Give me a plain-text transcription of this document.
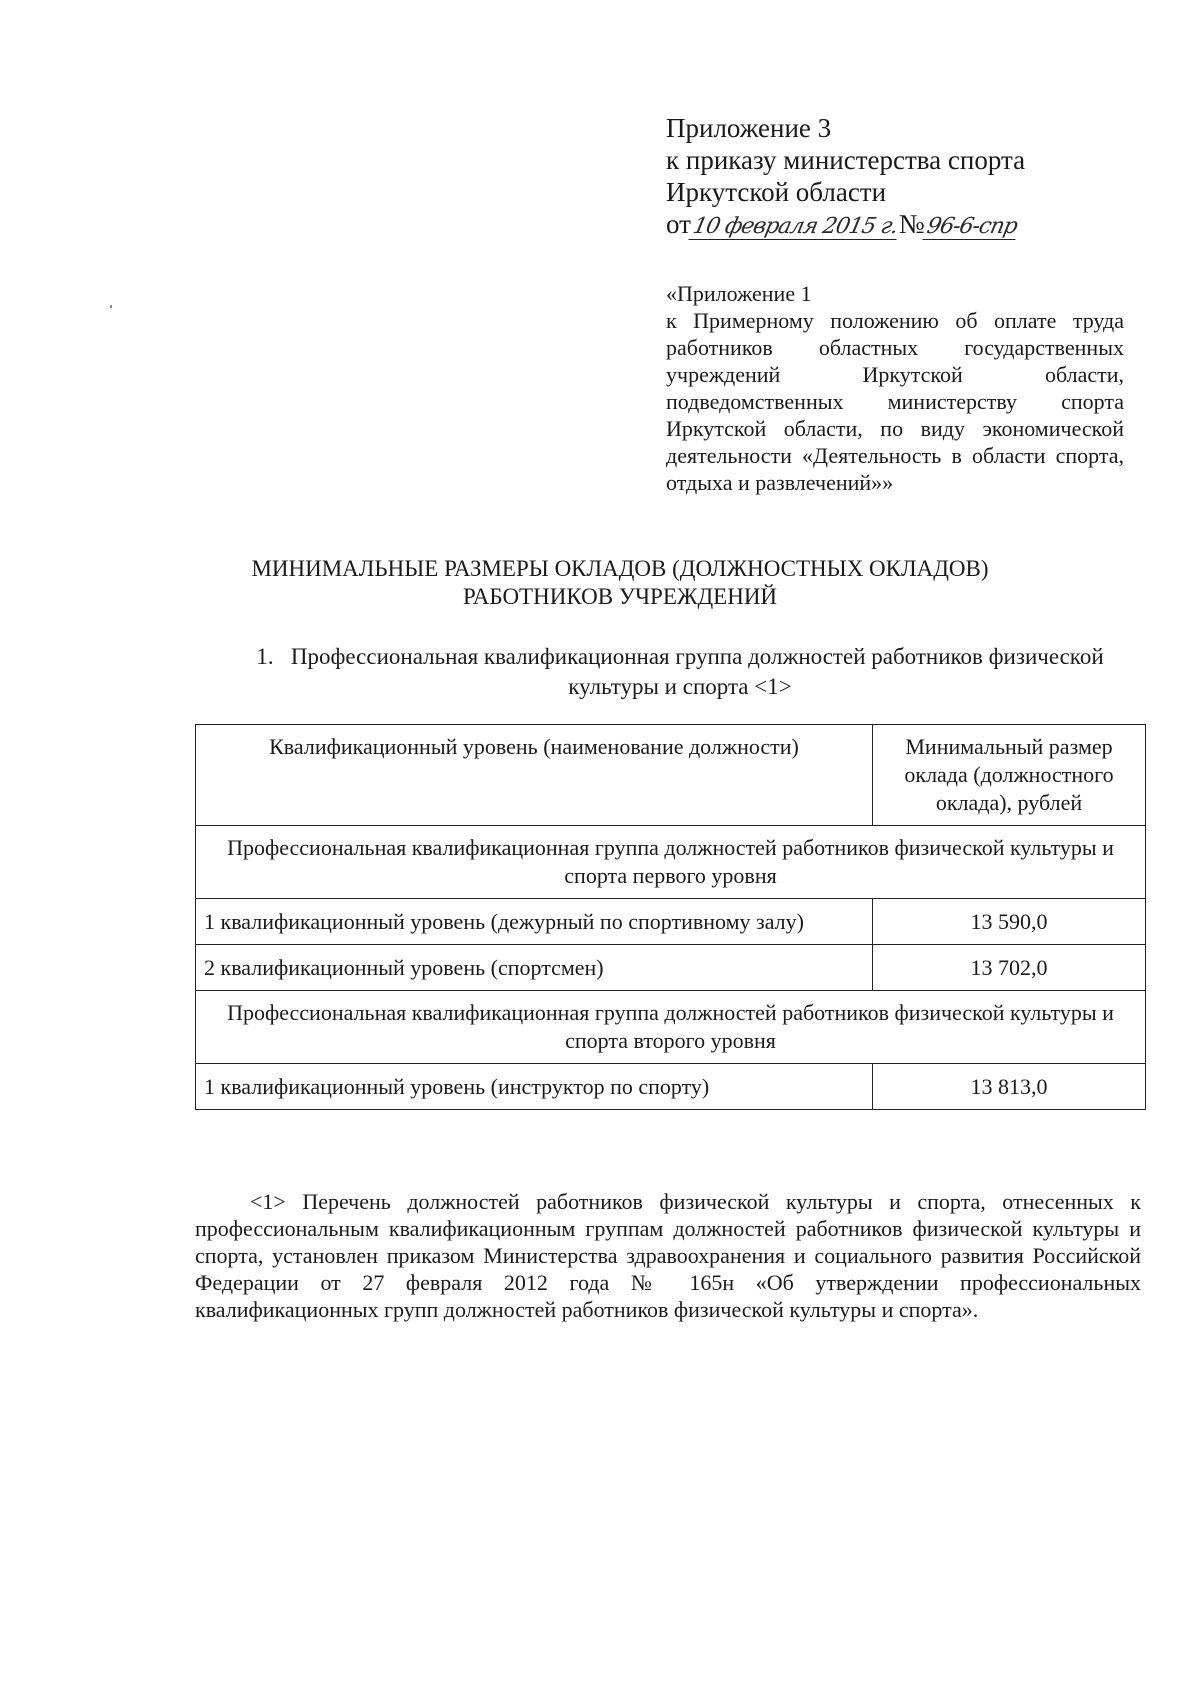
Приложение 3
к приказу министерства спорта
Иркутской области
от10 февраля 2015 г.№96-6-спр
«Приложение 1
к Примерному положению об оплате труда работников областных государственных учреждений Иркутской области, подведомственных министерству спорта Иркутской области, по виду экономической деятельности «Деятельность в области спорта, отдыха и развлечений»»
МИНИМАЛЬНЫЕ РАЗМЕРЫ ОКЛАДОВ (ДОЛЖНОСТНЫХ ОКЛАДОВ)
РАБОТНИКОВ УЧРЕЖДЕНИЙ
1. Профессиональная квалификационная группа должностей работников физической культуры и спорта <1>
Квалификационный уровень (наименование должности)	Минимальный размер оклада (должностного оклада), рублей
Профессиональная квалификационная группа должностей работников физической культуры и спорта первого уровня	
1 квалификационный уровень (дежурный по спортивному залу)	13 590,0
2 квалификационный уровень (спортсмен)	13 702,0
Профессиональная квалификационная группа должностей работников физической культуры и спорта второго уровня	
1 квалификационный уровень (инструктор по спорту)	13 813,0
<1> Перечень должностей работников физической культуры и спорта, отнесенных к профессиональным квалификационным группам должностей работников физической культуры и спорта, установлен приказом Министерства здравоохранения и социального развития Российской Федерации от 27 февраля 2012 года № 165н «Об утверждении профессиональных квалификационных групп должностей работников физической культуры и спорта».
